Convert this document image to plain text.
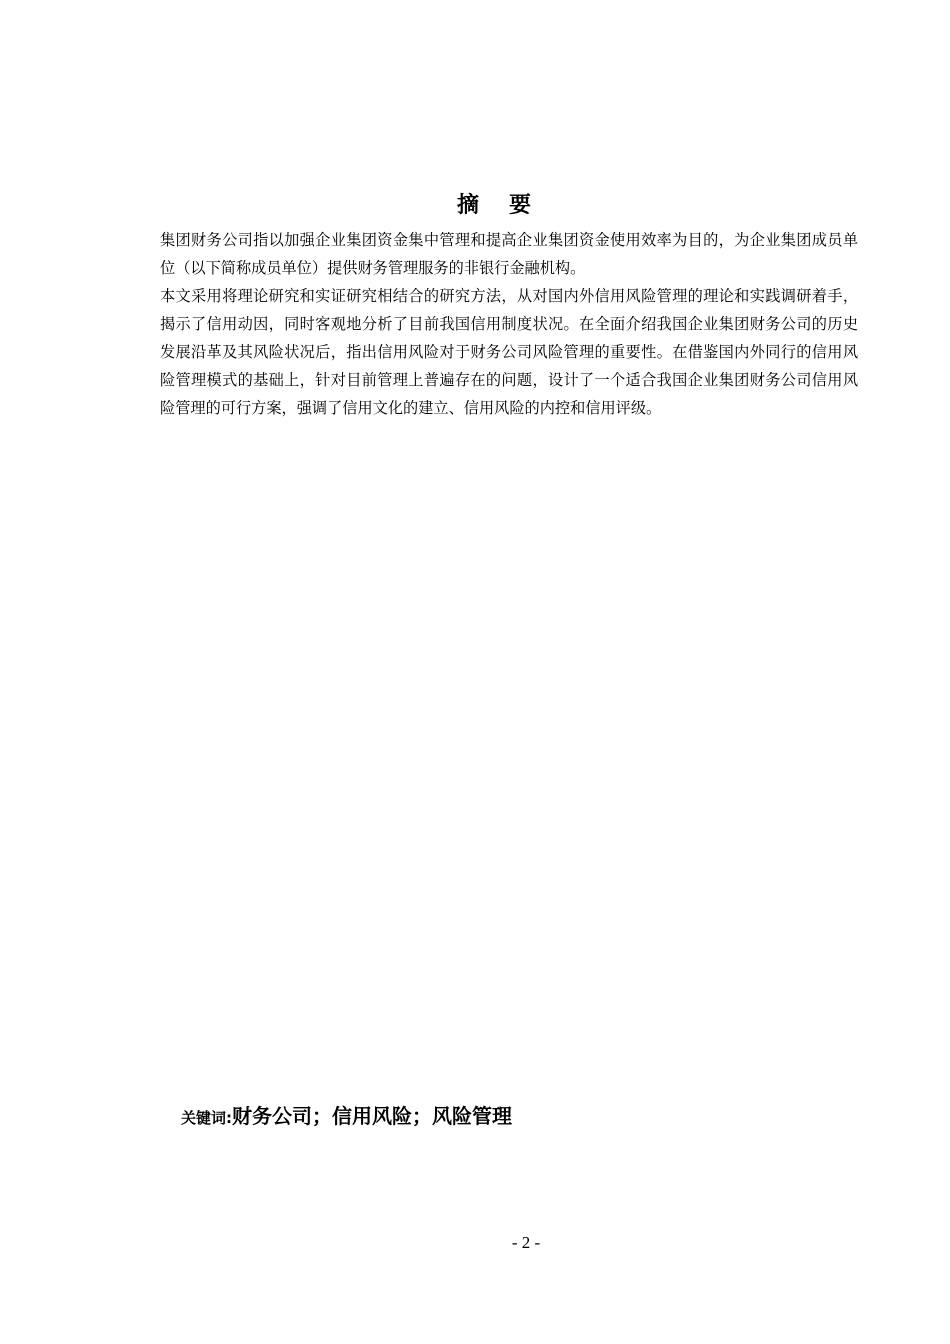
摘要

集团财务公司指以加强企业集团资金集中管理和提高企业集团资金使用效率为目的，为企业集团成员单位（以下简称成员单位）提供财务管理服务的非银行金融机构。

本文采用将理论研究和实证研究相结合的研究方法，从对国内外信用风险管理的理论和实践调研着手，揭示了信用动因，同时客观地分析了目前我国信用制度状况。在全面介绍我国企业集团财务公司的历史发展沿革及其风险状况后，指出信用风险对于财务公司风险管理的重要性。在借鉴国内外同行的信用风险管理模式的基础上，针对目前管理上普遍存在的问题，设计了一个适合我国企业集团财务公司信用风险管理的可行方案，强调了信用文化的建立、信用风险的内控和信用评级。

关键词:财务公司；信用风险；风险管理
- 2 -
